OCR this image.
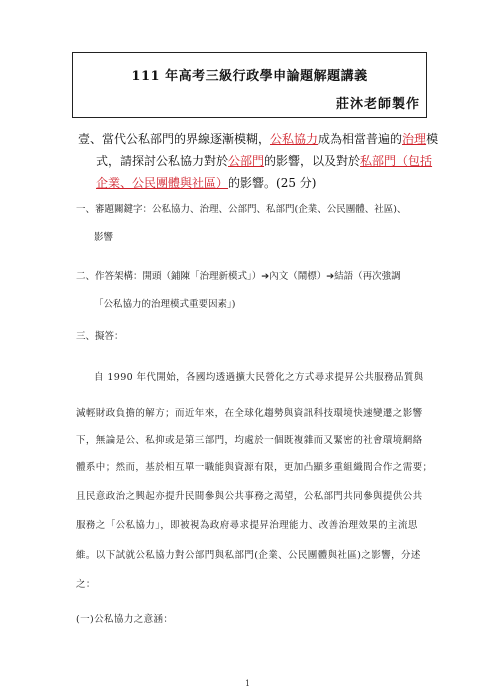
111 年高考三級行政學申論題解題講義
莊沐老師製作
壹、當代公私部門的界線逐漸模糊，公私協力成為相當普遍的治理模
式，請探討公私協力對於公部門的影響，以及對於私部門（包括
企業、公民團體與社區）的影響。(25 分)
一、審題關鍵字：公私協力、治理、公部門、私部門(企業、公民團體、社區)、
影響
二、作答架構：開頭（鋪陳「治理新模式」）➔內文（鬧標）➔結語（再次強調
「公私協力的治理模式重要因素」)
三、擬答：
自 1990 年代開始，各國均透過擴大民營化之方式尋求提昇公共服務品質與
減輕財政負擔的解方；而近年來，在全球化趨勢與資訊科技環境快速變遷之影響
下，無論是公、私抑或是第三部門，均處於一個既複雜而又緊密的社會環境網絡
體系中；然而，基於相互單一職能與資源有限，更加凸顯多重組織間合作之需要；
且民意政治之興起亦提升民間參與公共事務之渴望，公私部門共同參與提供公共
服務之「公私協力」，即被視為政府尋求提昇治理能力、改善治理效果的主流思
維。以下試就公私協力對公部門與私部門(企業、公民團體與社區)之影響，分述
之：
(一)公私協力之意涵：
1
